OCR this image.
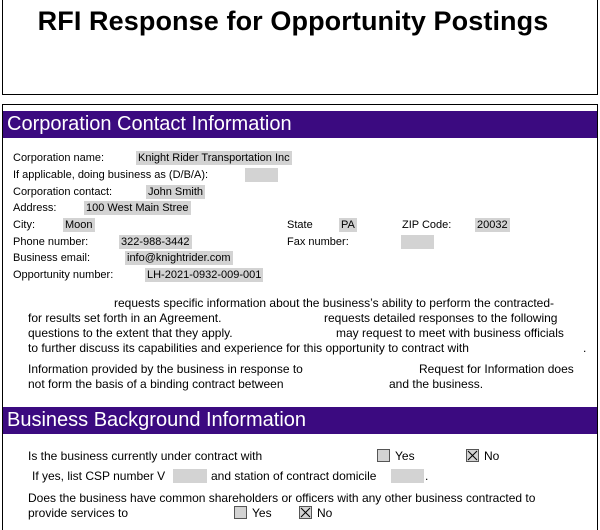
RFI Response for Opportunity Postings
Corporation Contact Information
Corporation name:	Knight Rider Transportation Inc
If applicable, doing business as (D/B/A):
Corporation contact:	John Smith
Address:	100 West Main Stree
City:	Moon	State	PA	ZIP Code: 20032
Phone number:	322-988-3442	Fax number:
Business email:	info@knightrider.com
Opportunity number:	LH-2021-0932-009-001
requests specific information about the business’s ability to perform the contracted-
for results set forth in an Agreement.	requests detailed responses to the following
questions to the extent that they apply.	may request to meet with business officials
to further discuss its capabilities and experience for this opportunity to contract with	.
Information provided by the business in response to	Request for Information does
not form the basis of a binding contract between	and the business.
Business Background Information
Is the business currently under contract with	Yes	No
If yes, list CSP number V	and station of contract domicile	.
Does the business have common shareholders or officers with any other business contracted to
provide services to	Yes	No
